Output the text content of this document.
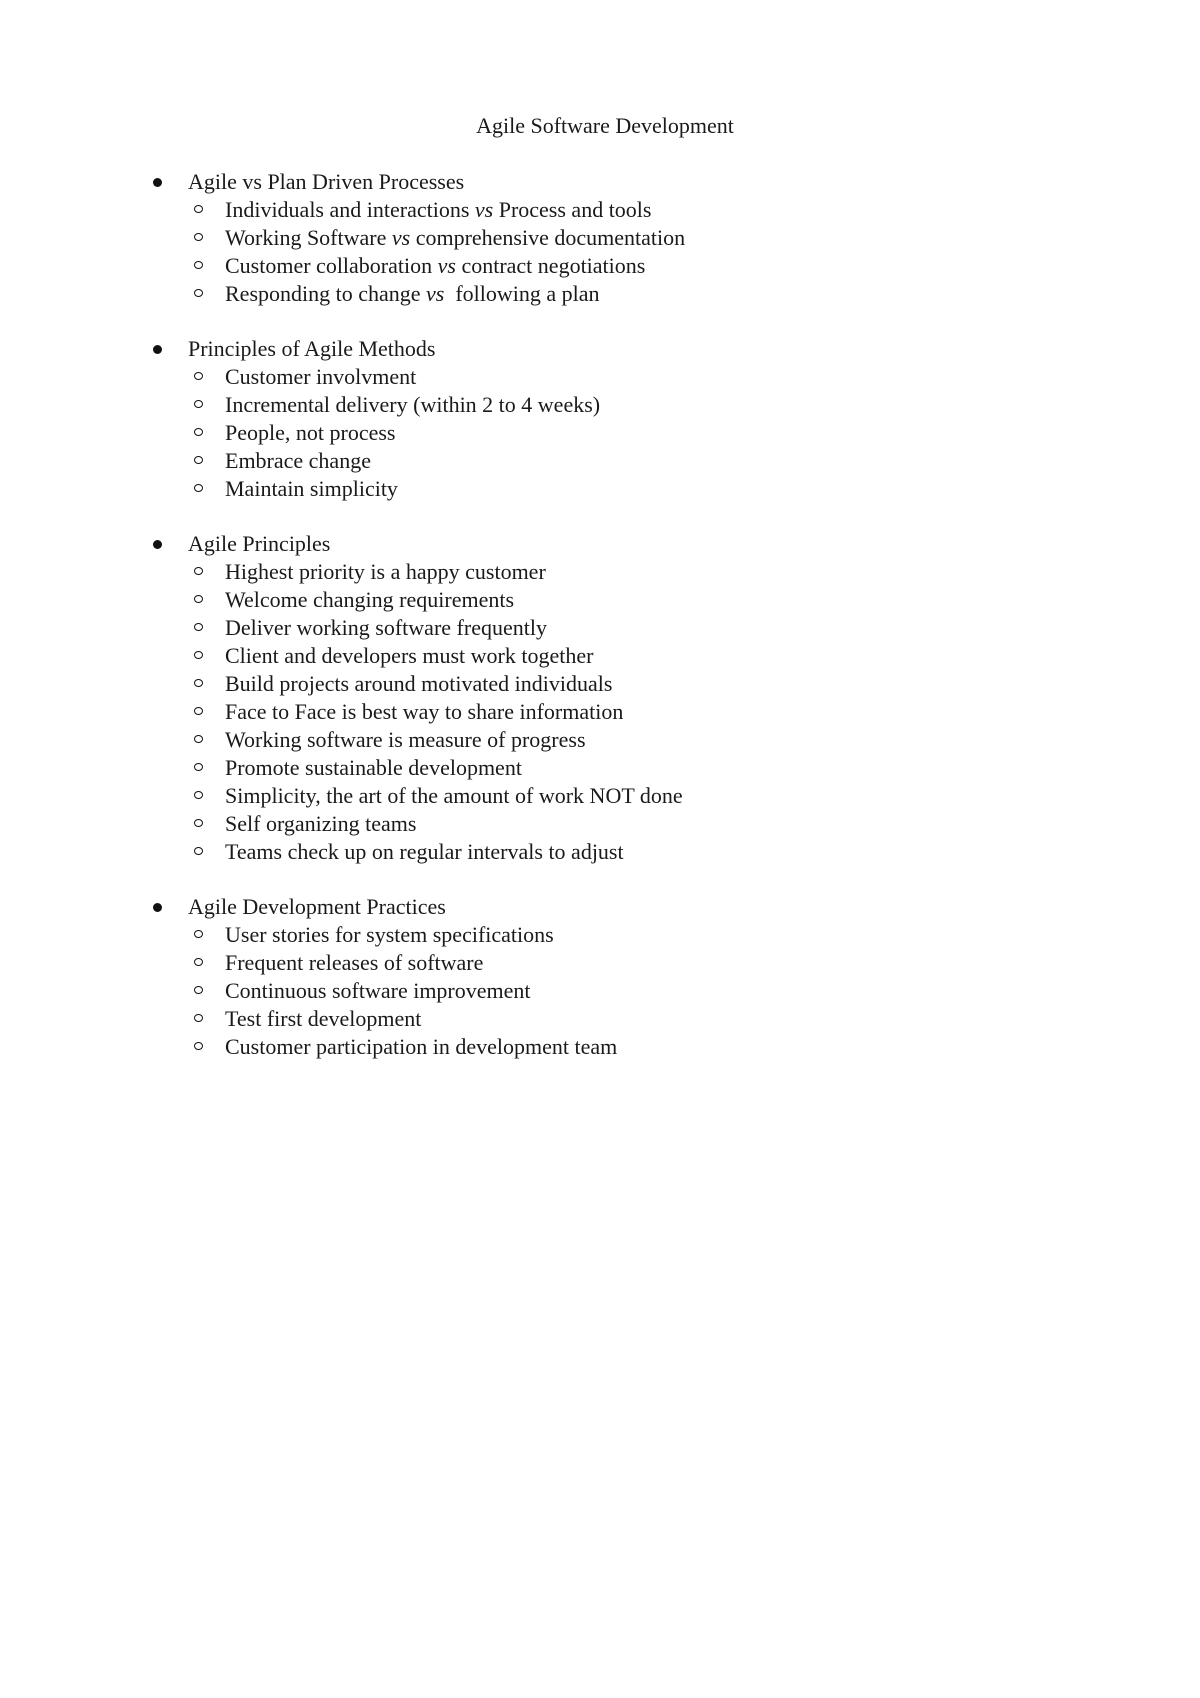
Agile Software Development
Agile vs Plan Driven Processes
Individuals and interactions vs Process and tools
Working Software vs comprehensive documentation
Customer collaboration vs contract negotiations
Responding to change vs  following a plan
Principles of Agile Methods
Customer involvment
Incremental delivery (within 2 to 4 weeks)
People, not process
Embrace change
Maintain simplicity
Agile Principles
Highest priority is a happy customer
Welcome changing requirements
Deliver working software frequently
Client and developers must work together
Build projects around motivated individuals
Face to Face is best way to share information
Working software is measure of progress
Promote sustainable development
Simplicity, the art of the amount of work NOT done
Self organizing teams
Teams check up on regular intervals to adjust
Agile Development Practices
User stories for system specifications
Frequent releases of software
Continuous software improvement
Test first development
Customer participation in development team
